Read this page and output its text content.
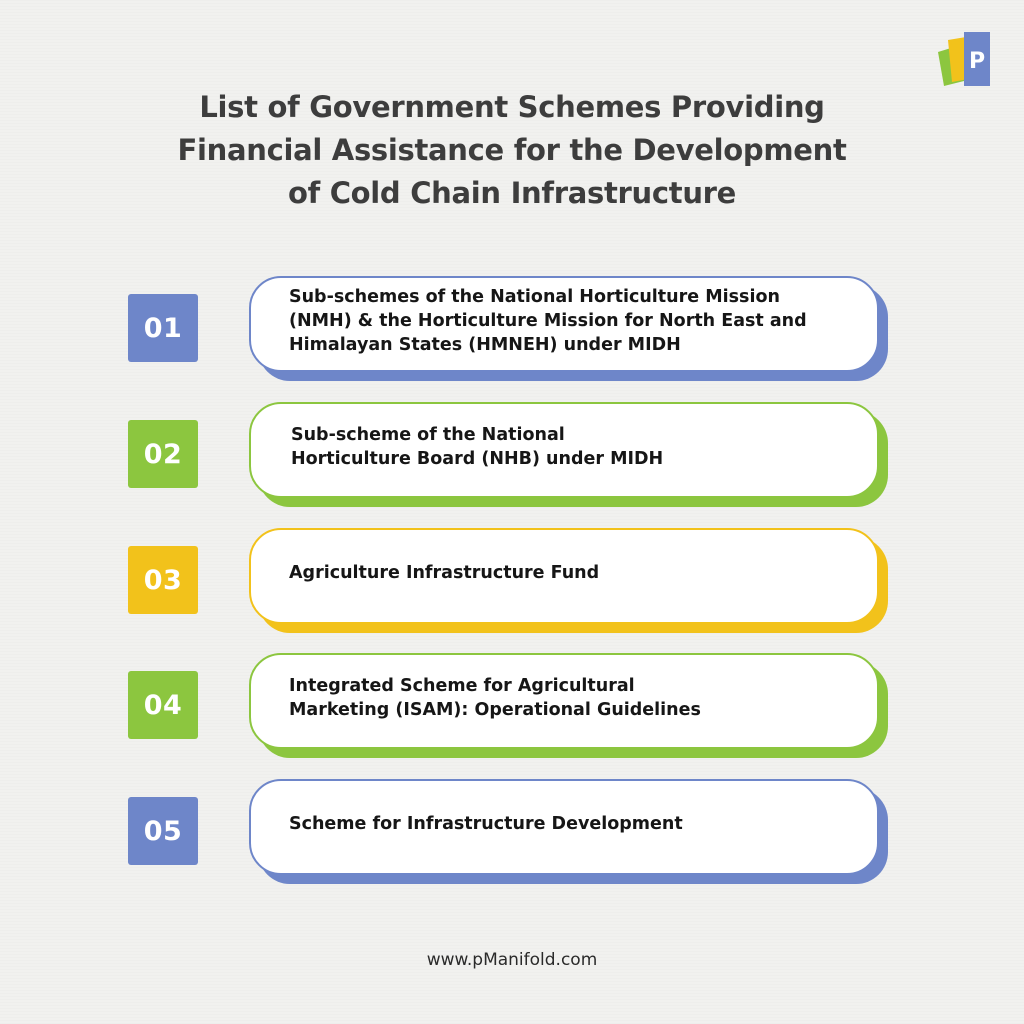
P
List of Government Schemes Providing
Financial Assistance for the Development
of Cold Chain Infrastructure
01
Sub-schemes of the National Horticulture Mission
(NMH) & the Horticulture Mission for North East and
Himalayan States (HMNEH) under MIDH
02
Sub-scheme of the National
Horticulture Board (NHB) under MIDH
03	Agriculture Infrastructure Fund
04
Integrated Scheme for Agricultural
Marketing (ISAM): Operational Guidelines
05	Scheme for Infrastructure Development
www.pManifold.com
